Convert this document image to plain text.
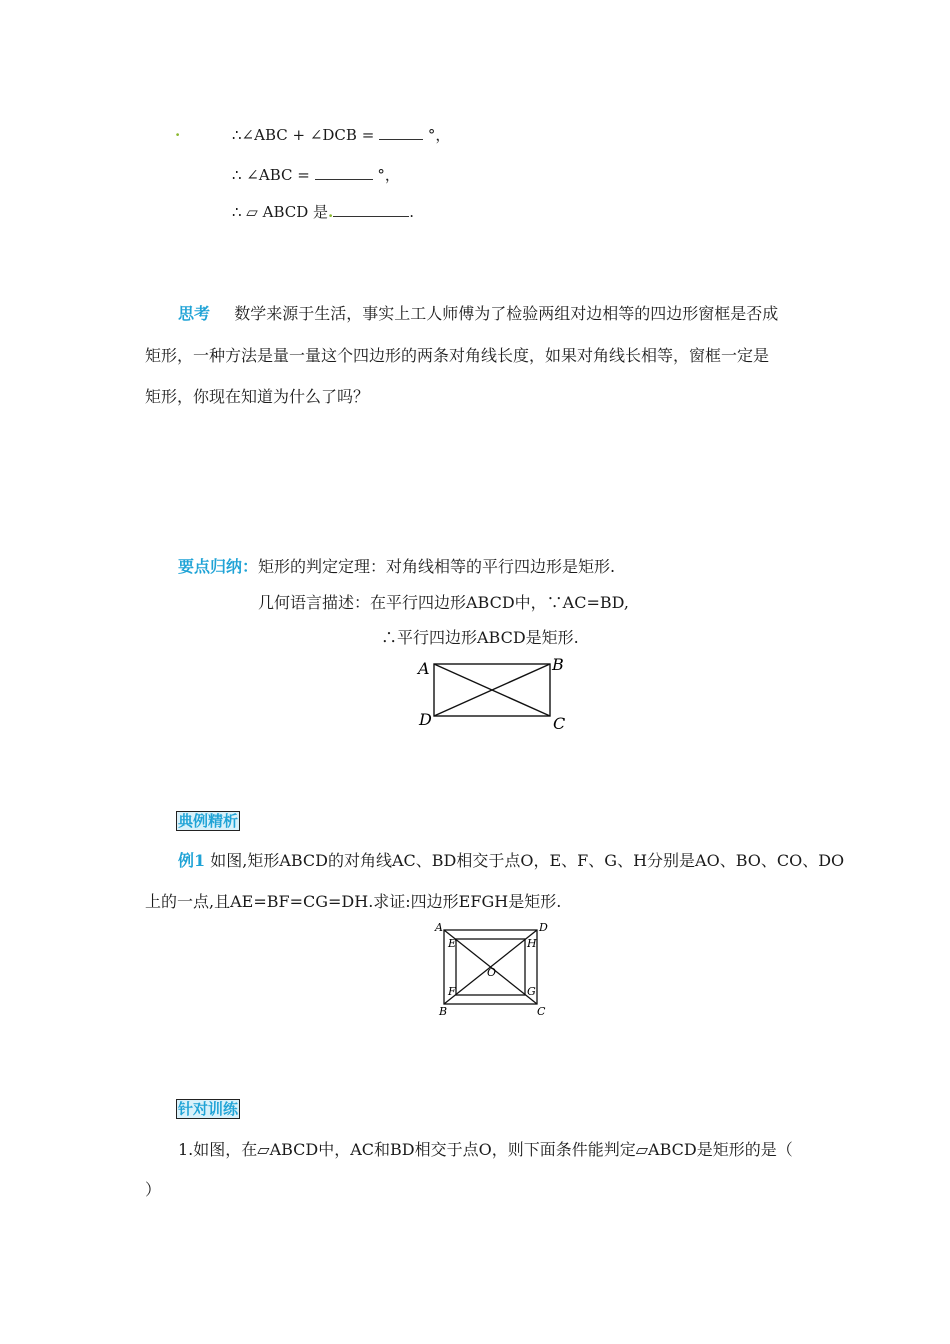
.	∴∠ABC + ∠DCB =	°，
∴ ∠ABC =	°，
∴ ▱ ABCD 是.	.
思考 数学来源于生活，事实上工人师傅为了检验两组对边相等的四边形窗框是否成
矩形，一种方法是量一量这个四边形的两条对角线长度，如果对角线长相等，窗框一定是
矩形，你现在知道为什么了吗？
要点归纳：矩形的判定定理：对角线相等的平行四边形是矩形.
几何语言描述：在平行四边形ABCD中，∵AC=BD,
∴平行四边形ABCD是矩形.
A	B
C
D
典例精析
例1 如图,矩形ABCD的对角线AC、BD相交于点O，E、F、G、H分别是AO、BO、CO、DO
上的一点,且AE=BF=CG=DH.求证:四边形EFGH是矩形.
A	D
B	C
E	H
F	G
O
针对训练
1.如图，在▱ABCD中，AC和BD相交于点O，则下面条件能判定▱ABCD是矩形的是（
）
